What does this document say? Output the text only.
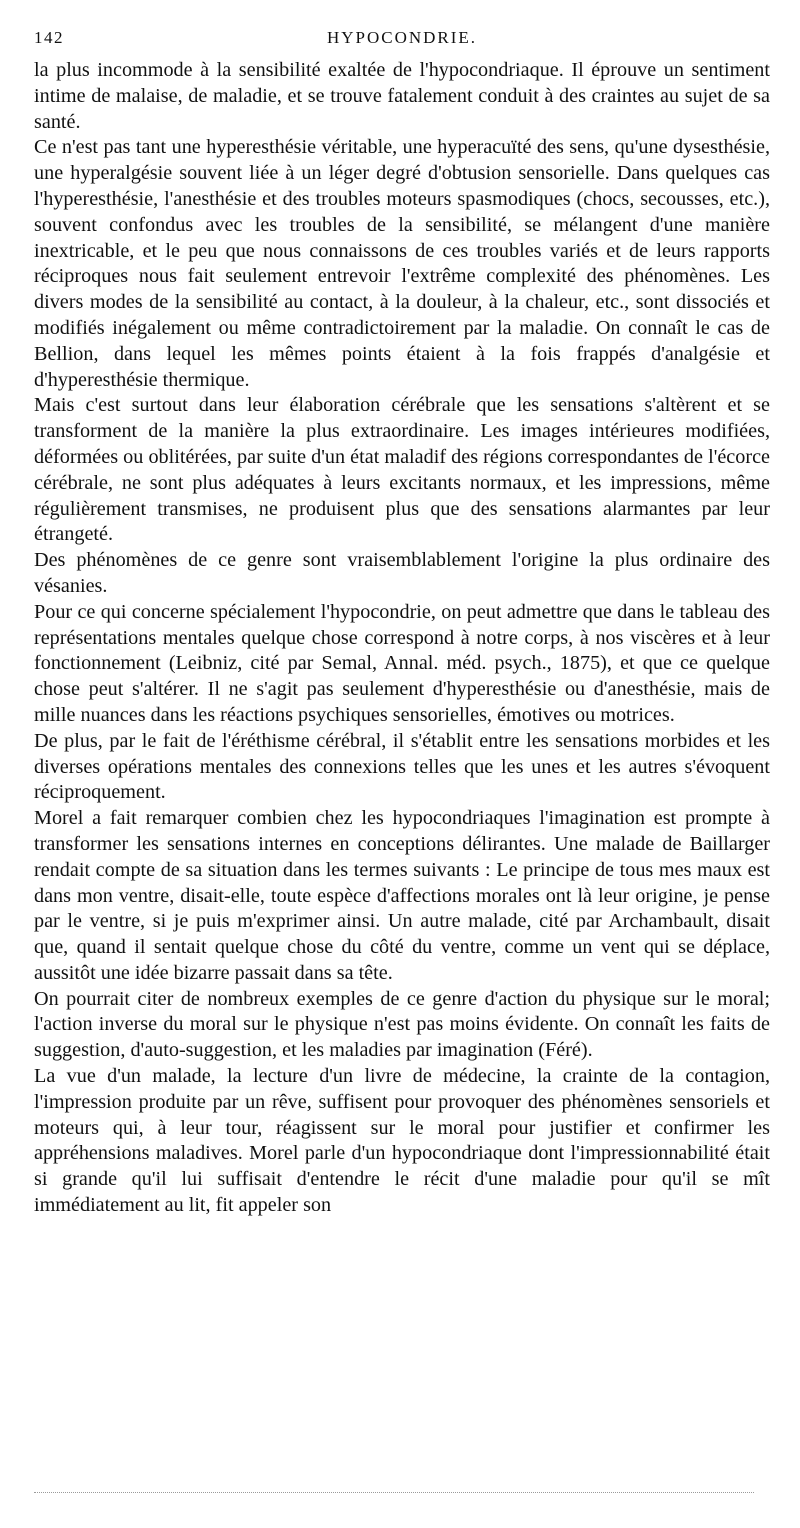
142	HYPOCONDRIE.

la plus incommode à la sensibilité exaltée de l'hypocondriaque. Il éprouve un sentiment intime de malaise, de maladie, et se trouve fatalement conduit à des craintes au sujet de sa santé.

Ce n'est pas tant une hyperesthésie véritable, une hyperacuïté des sens, qu'une dysesthésie, une hyperalgésie souvent liée à un léger degré d'obtusion sensorielle. Dans quelques cas l'hyperesthésie, l'anesthésie et des troubles moteurs spasmodiques (chocs, secousses, etc.), souvent confondus avec les troubles de la sensibilité, se mélangent d'une manière inextricable, et le peu que nous connaissons de ces troubles variés et de leurs rapports réciproques nous fait seulement entrevoir l'extrême complexité des phénomènes. Les divers modes de la sensibilité au contact, à la douleur, à la chaleur, etc., sont dissociés et modifiés inégalement ou même contradictoirement par la maladie. On connaît le cas de Bellion, dans lequel les mêmes points étaient à la fois frappés d'analgésie et d'hyperesthésie thermique.

Mais c'est surtout dans leur élaboration cérébrale que les sensations s'altèrent et se transforment de la manière la plus extraordinaire. Les images intérieures modifiées, déformées ou oblitérées, par suite d'un état maladif des régions correspondantes de l'écorce cérébrale, ne sont plus adéquates à leurs excitants normaux, et les impressions, même régulièrement transmises, ne produisent plus que des sensations alarmantes par leur étrangeté.

Des phénomènes de ce genre sont vraisemblablement l'origine la plus ordinaire des vésanies.

Pour ce qui concerne spécialement l'hypocondrie, on peut admettre que dans le tableau des représentations mentales quelque chose correspond à notre corps, à nos viscères et à leur fonctionnement (Leibniz, cité par Semal, Annal. méd. psych., 1875), et que ce quelque chose peut s'altérer. Il ne s'agit pas seulement d'hyperesthésie ou d'anesthésie, mais de mille nuances dans les réactions psychiques sensorielles, émotives ou motrices.

De plus, par le fait de l'éréthisme cérébral, il s'établit entre les sensations morbides et les diverses opérations mentales des connexions telles que les unes et les autres s'évoquent réciproquement.

Morel a fait remarquer combien chez les hypocondriaques l'imagination est prompte à transformer les sensations internes en conceptions délirantes. Une malade de Baillarger rendait compte de sa situation dans les termes suivants : Le principe de tous mes maux est dans mon ventre, disait-elle, toute espèce d'affections morales ont là leur origine, je pense par le ventre, si je puis m'exprimer ainsi. Un autre malade, cité par Archambault, disait que, quand il sentait quelque chose du côté du ventre, comme un vent qui se déplace, aussitôt une idée bizarre passait dans sa tête.

On pourrait citer de nombreux exemples de ce genre d'action du physique sur le moral; l'action inverse du moral sur le physique n'est pas moins évidente. On connaît les faits de suggestion, d'auto-suggestion, et les maladies par imagination (Féré).

La vue d'un malade, la lecture d'un livre de médecine, la crainte de la contagion, l'impression produite par un rêve, suffisent pour provoquer des phénomènes sensoriels et moteurs qui, à leur tour, réagissent sur le moral pour justifier et confirmer les appréhensions maladives. Morel parle d'un hypocondriaque dont l'impressionnabilité était si grande qu'il lui suffisait d'entendre le récit d'une maladie pour qu'il se mît immédiatement au lit, fit appeler son
